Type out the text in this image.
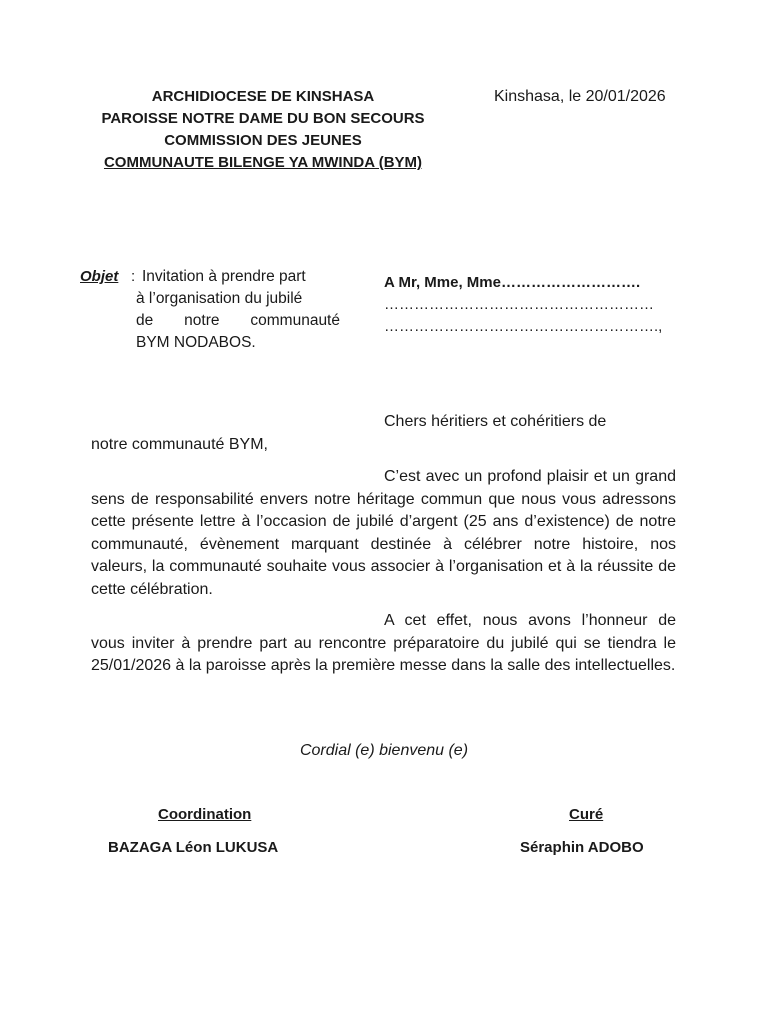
ARCHIDIOCESE DE KINSHASA
PAROISSE NOTRE DAME DU BON SECOURS
COMMISSION DES JEUNES
COMMUNAUTE BILENGE YA MWINDA (BYM)
Kinshasa, le 20/01/2026
Objet : Invitation à prendre part
à l’organisation du jubilé
de notre communauté
BYM NODABOS.
A Mr, Mme, Mme……………………….
………………………………………………
……………………………………………….,
Chers héritiers et cohéritiers de
notre communauté BYM,
C’est avec un profond plaisir et un grand sens de responsabilité envers notre héritage commun que nous vous adressons cette présente lettre à l’occasion de jubilé d’argent (25 ans d’existence) de notre communauté, évènement marquant destinée à célébrer notre histoire, nos valeurs, la communauté souhaite vous associer à l’organisation et à la réussite de cette célébration.
A cet effet, nous avons l’honneur de vous inviter à prendre part au rencontre préparatoire du jubilé qui se tiendra le 25/01/2026 à la paroisse après la première messe dans la salle des intellectuelles.
Cordial (e) bienvenu (e)
Coordination
BAZAGA Léon LUKUSA
Curé
Séraphin ADOBO
